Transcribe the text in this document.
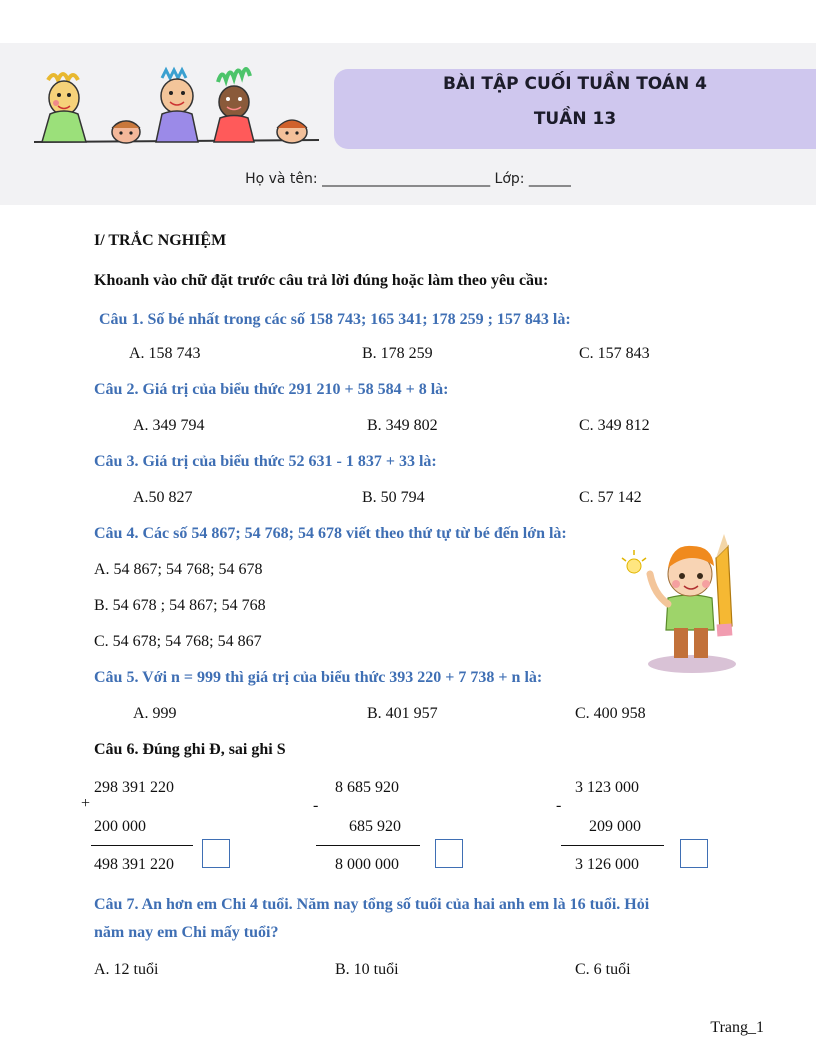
BÀI TẬP CUỐI TUẦN TOÁN 4
TUẦN 13
Họ và tên: ________________________ Lớp: ______
I/ TRẮC NGHIỆM
Khoanh vào chữ đặt trước câu trả lời đúng hoặc làm theo yêu cầu:
Câu 1. Số bé nhất trong các số 158 743; 165 341; 178 259 ; 157 843 là:
A. 158 743	B. 178 259	C. 157 843
Câu 2. Giá trị của biểu thức 291 210 + 58 584 + 8 là:
A. 349 794	B. 349 802	C. 349 812
Câu 3. Giá trị của biểu thức 52 631 - 1 837 + 33 là:
A.50 827	B. 50 794	C. 57 142
Câu 4. Các số 54 867; 54 768; 54 678 viết theo thứ tự từ bé đến lớn là:
A. 54 867; 54 768; 54 678
B. 54 678 ; 54 867; 54 768
C. 54 678; 54 768; 54 867
Câu 5. Với n = 999 thì giá trị của biểu thức 393 220 + 7 738 + n là:
A. 999	B. 401 957	C. 400 958
Câu 6. Đúng ghi Đ, sai ghi S
298 391 220
+
200 000
498 391 220
8 685 920
-
685 920
8 000 000
3 123 000
-
209 000
3 126 000
Câu 7. An hơn em Chi 4 tuổi. Năm nay tổng số tuổi của hai anh em là 16 tuổi. Hỏi
năm nay em Chi mấy tuổi?
A. 12 tuổi	B. 10 tuổi	C. 6 tuổi
Trang_1
